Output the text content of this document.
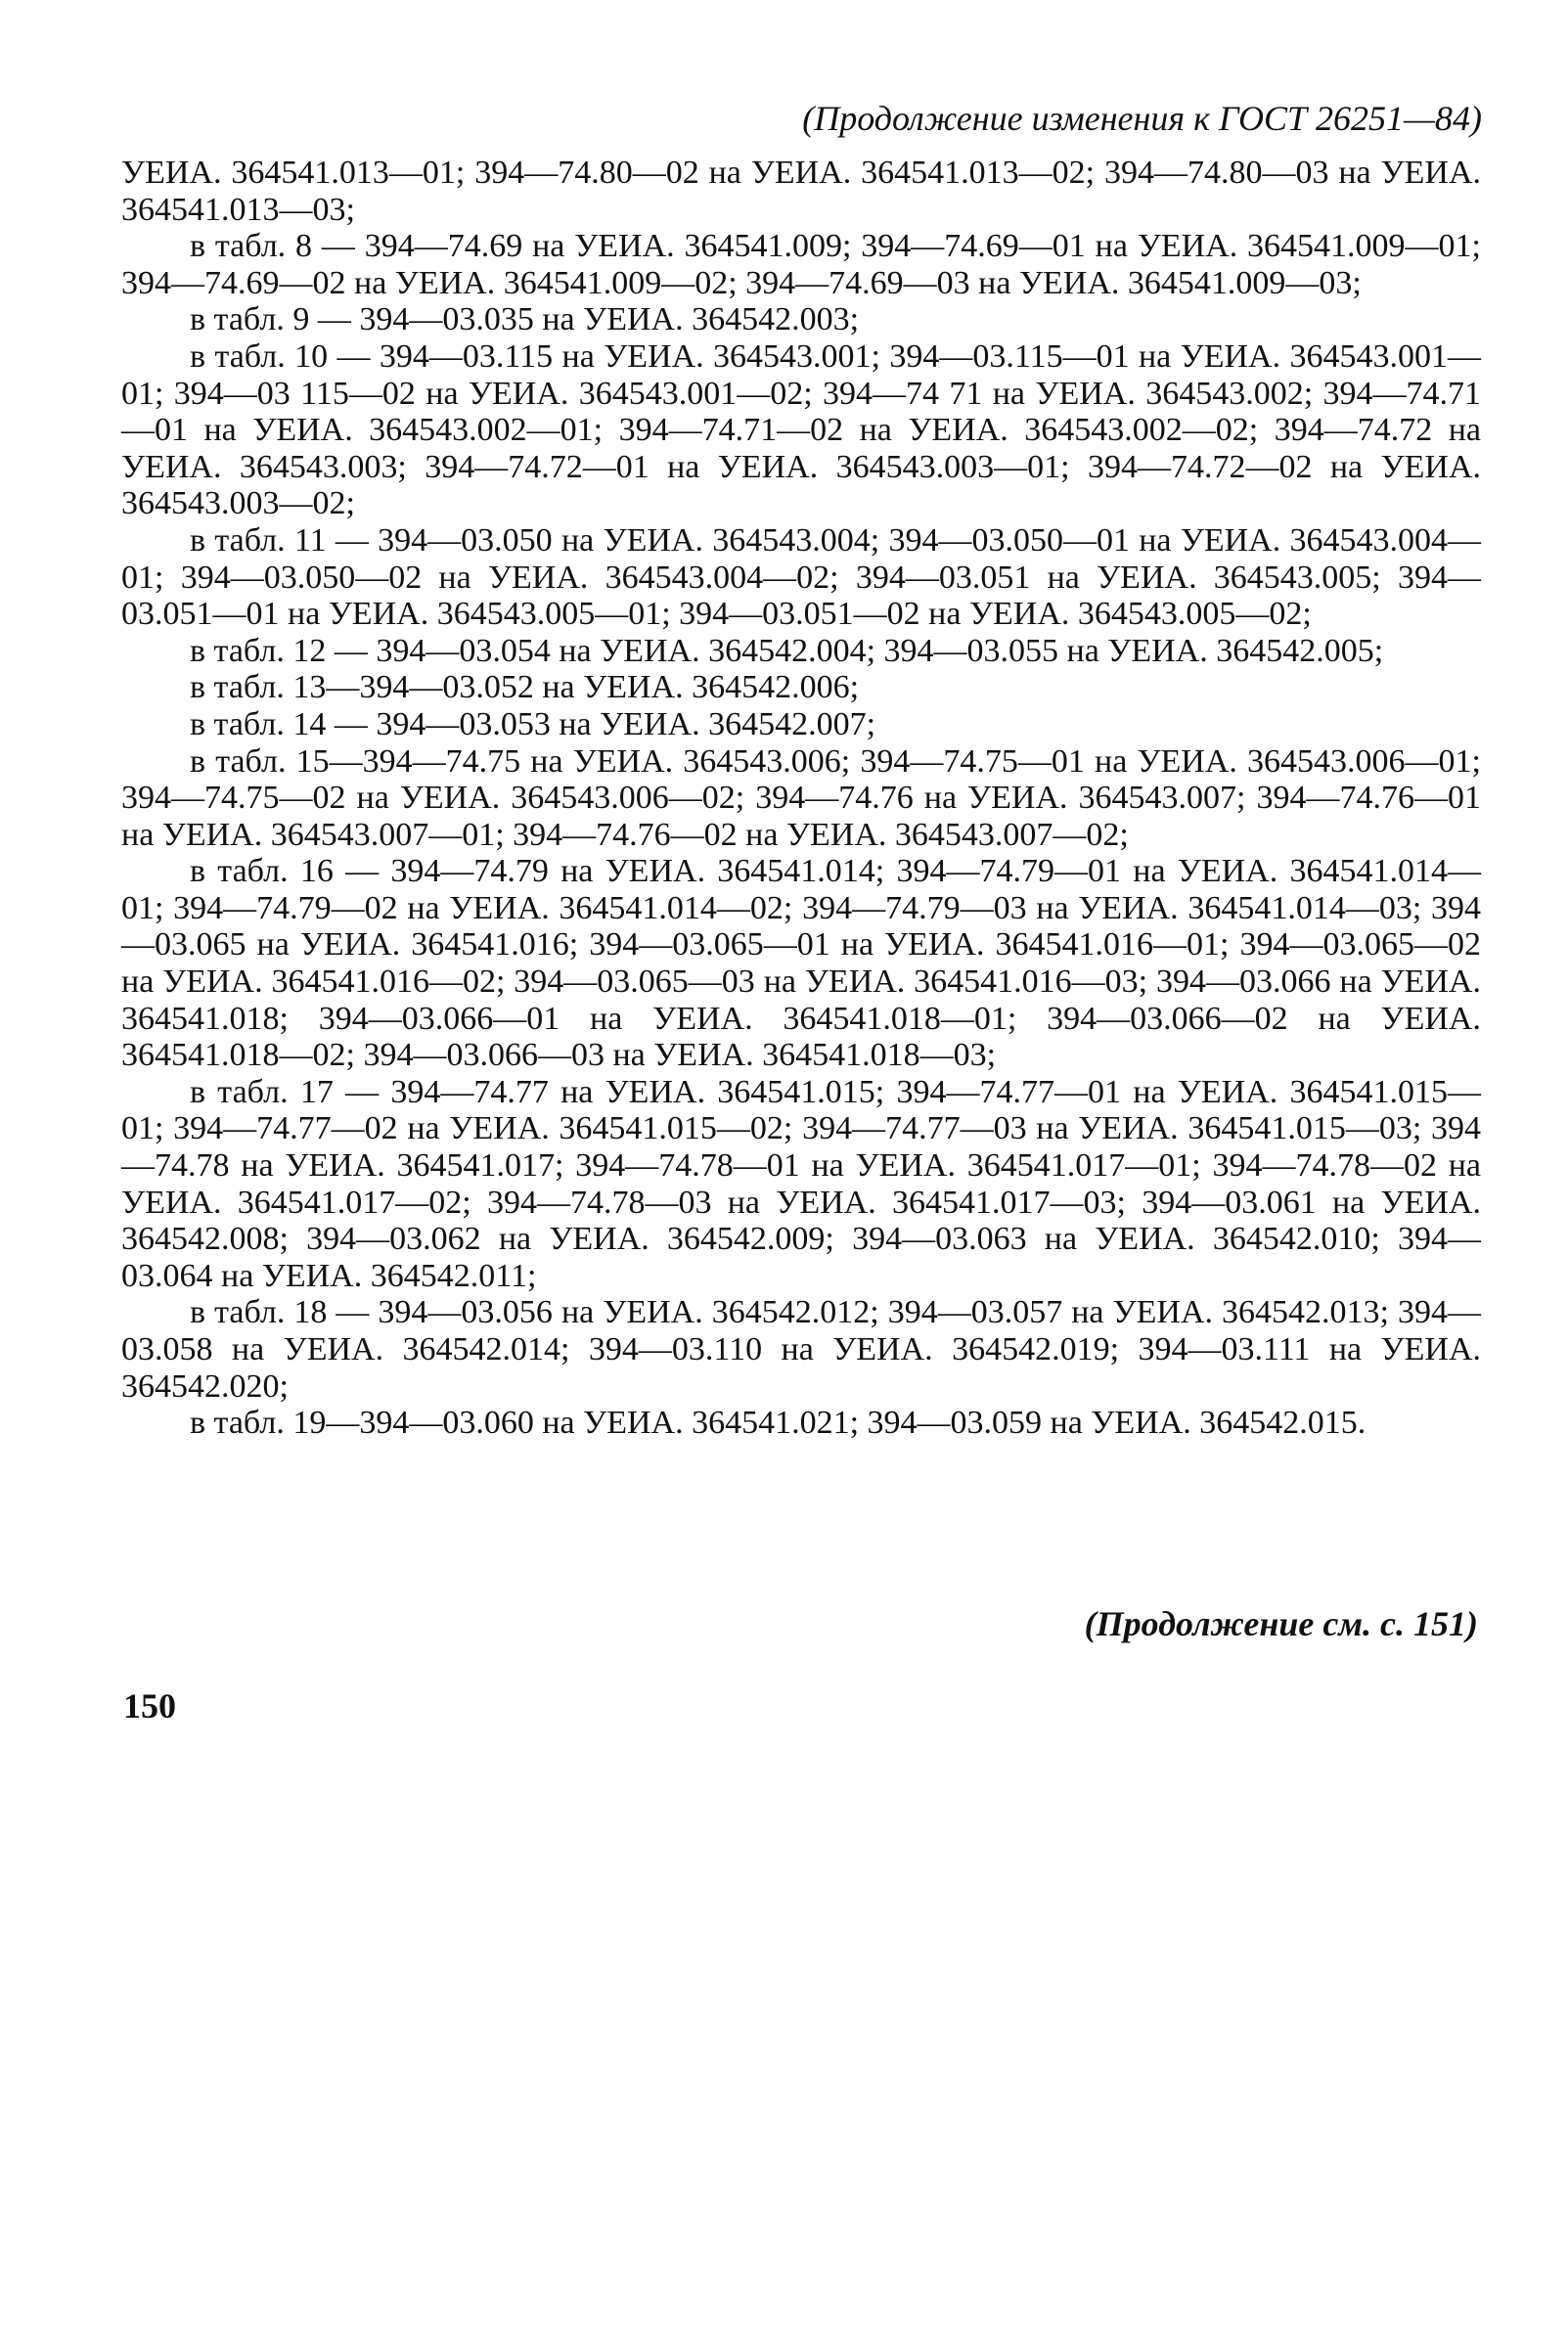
(Продолжение изменения к ГОСТ 26251—84)

УЕИА. 364541.013—01; 394—74.80—02 на УЕИА. 364541.013—02; 394—74.80—03 на УЕИА. 364541.013—03;

в табл. 8 — 394—74.69 на УЕИА. 364541.009; 394—74.69—01 на УЕИА. 364541.009—01; 394—74.69—02 на УЕИА. 364541.009—02; 394—74.69—03 на УЕИА. 364541.009—03;

в табл. 9 — 394—03.035 на УЕИА. 364542.003;

в табл. 10 — 394—03.115 на УЕИА. 364543.001; 394—03.115—01 на УЕИА. 364543.001—01; 394—03 115—02 на УЕИА. 364543.001—02; 394—74 71 на УЕИА. 364543.002; 394—74.71—01 на УЕИА. 364543.002—01; 394—74.71—02 на УЕИА. 364543.002—02; 394—74.72 на УЕИА. 364543.003; 394—74.72—01 на УЕИА. 364543.003—01; 394—74.72—02 на УЕИА. 364543.003—02;

в табл. 11 — 394—03.050 на УЕИА. 364543.004; 394—03.050—01 на УЕИА. 364543.004—01; 394—03.050—02 на УЕИА. 364543.004—02; 394—03.051 на УЕИА. 364543.005; 394—03.051—01 на УЕИА. 364543.005—01; 394—03.051—02 на УЕИА. 364543.005—02;

в табл. 12 — 394—03.054 на УЕИА. 364542.004; 394—03.055 на УЕИА. 364542.005;

в табл. 13—394—03.052 на УЕИА. 364542.006;

в табл. 14 — 394—03.053 на УЕИА. 364542.007;

в табл. 15—394—74.75 на УЕИА. 364543.006; 394—74.75—01 на УЕИА. 364543.006—01; 394—74.75—02 на УЕИА. 364543.006—02; 394—74.76 на УЕИА. 364543.007; 394—74.76—01 на УЕИА. 364543.007—01; 394—74.76—02 на УЕИА. 364543.007—02;

в табл. 16 — 394—74.79 на УЕИА. 364541.014; 394—74.79—01 на УЕИА. 364541.014—01; 394—74.79—02 на УЕИА. 364541.014—02; 394—74.79—03 на УЕИА. 364541.014—03; 394—03.065 на УЕИА. 364541.016; 394—03.065—01 на УЕИА. 364541.016—01; 394—03.065—02 на УЕИА. 364541.016—02; 394—03.065—03 на УЕИА. 364541.016—03; 394—03.066 на УЕИА. 364541.018; 394—03.066—01 на УЕИА. 364541.018—01; 394—03.066—02 на УЕИА. 364541.018—02; 394—03.066—03 на УЕИА. 364541.018—03;

в табл. 17 — 394—74.77 на УЕИА. 364541.015; 394—74.77—01 на УЕИА. 364541.015—01; 394—74.77—02 на УЕИА. 364541.015—02; 394—74.77—03 на УЕИА. 364541.015—03; 394—74.78 на УЕИА. 364541.017; 394—74.78—01 на УЕИА. 364541.017—01; 394—74.78—02 на УЕИА. 364541.017—02; 394—74.78—03 на УЕИА. 364541.017—03; 394—03.061 на УЕИА. 364542.008; 394—03.062 на УЕИА. 364542.009; 394—03.063 на УЕИА. 364542.010; 394—03.064 на УЕИА. 364542.011;

в табл. 18 — 394—03.056 на УЕИА. 364542.012; 394—03.057 на УЕИА. 364542.013; 394—03.058 на УЕИА. 364542.014; 394—03.110 на УЕИА. 364542.019; 394—03.111 на УЕИА. 364542.020;

в табл. 19—394—03.060 на УЕИА. 364541.021; 394—03.059 на УЕИА. 364542.015.

(Продолжение см. с. 151)
150
